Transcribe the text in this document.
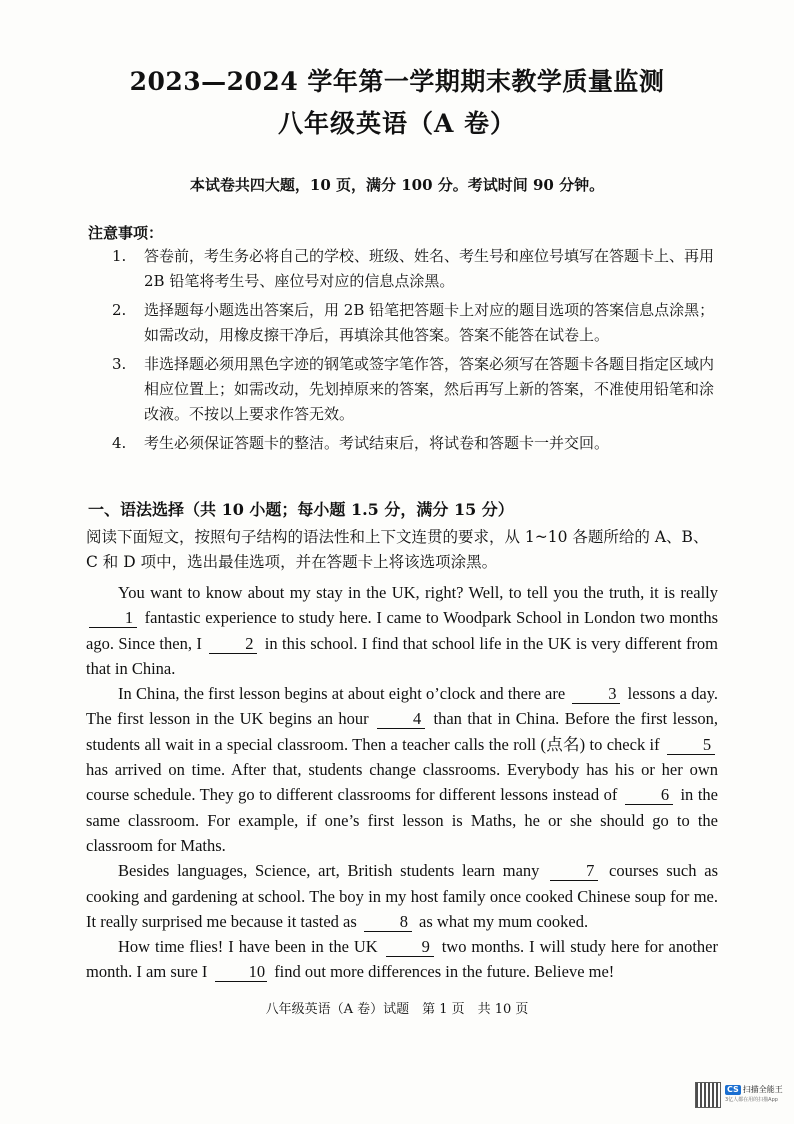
2023—2024 学年第一学期期末教学质量监测
八年级英语（A 卷）
本试卷共四大题，10 页，满分 100 分。考试时间 90 分钟。
注意事项：
1. 答卷前，考生务必将自己的学校、班级、姓名、考生号和座位号填写在答题卡上、再用 2B 铅笔将考生号、座位号对应的信息点涂黑。
2. 选择题每小题选出答案后，用 2B 铅笔把答题卡上对应的题目选项的答案信息点涂黑；如需改动，用橡皮擦干净后，再填涂其他答案。答案不能答在试卷上。
3. 非选择题必须用黑色字迹的钢笔或签字笔作答，答案必须写在答题卡各题目指定区域内相应位置上；如需改动，先划掉原来的答案，然后再写上新的答案，不准使用铅笔和涂改液。不按以上要求作答无效。
4. 考生必须保证答题卡的整洁。考试结束后，将试卷和答题卡一并交回。
一、语法选择（共 10 小题；每小题 1.5 分，满分 15 分）
阅读下面短文，按照句子结构的语法性和上下文连贯的要求，从 1~10 各题所给的 A、B、C 和 D 项中，选出最佳选项，并在答题卡上将该选项涂黑。

You want to know about my stay in the UK, right? Well, to tell you the truth, it is really 1 fantastic experience to study here. I came to Woodpark School in London two months ago. Since then, I	2 in this school. I find that school life in the UK is very different from that in China.

In China, the first lesson begins at about eight o’clock and there are	3 lessons a day. The first lesson in the UK begins an hour	4 than that in China. Before the first lesson, students all wait in a special classroom. Then a teacher calls the roll (点名) to check if	5 has arrived on time. After that, students change classrooms. Everybody has his or her own course schedule. They go to different classrooms for different lessons instead of	6 in the same classroom. For example, if one’s first lesson is Maths, he or she should go to the classroom for Maths.

Besides languages, Science, art, British students learn many	7 courses such as cooking and gardening at school. The boy in my host family once cooked Chinese soup for me. It really surprised me because it tasted as	8 as what my mum cooked.

How time flies! I have been in the UK	9 two months. I will study here for another month. I am sure I 10 find out more differences in the future. Believe me!

八年级英语（A 卷）试题　第 1 页　共 10 页
CS 扫描全能王
3亿人都在用的扫描App
